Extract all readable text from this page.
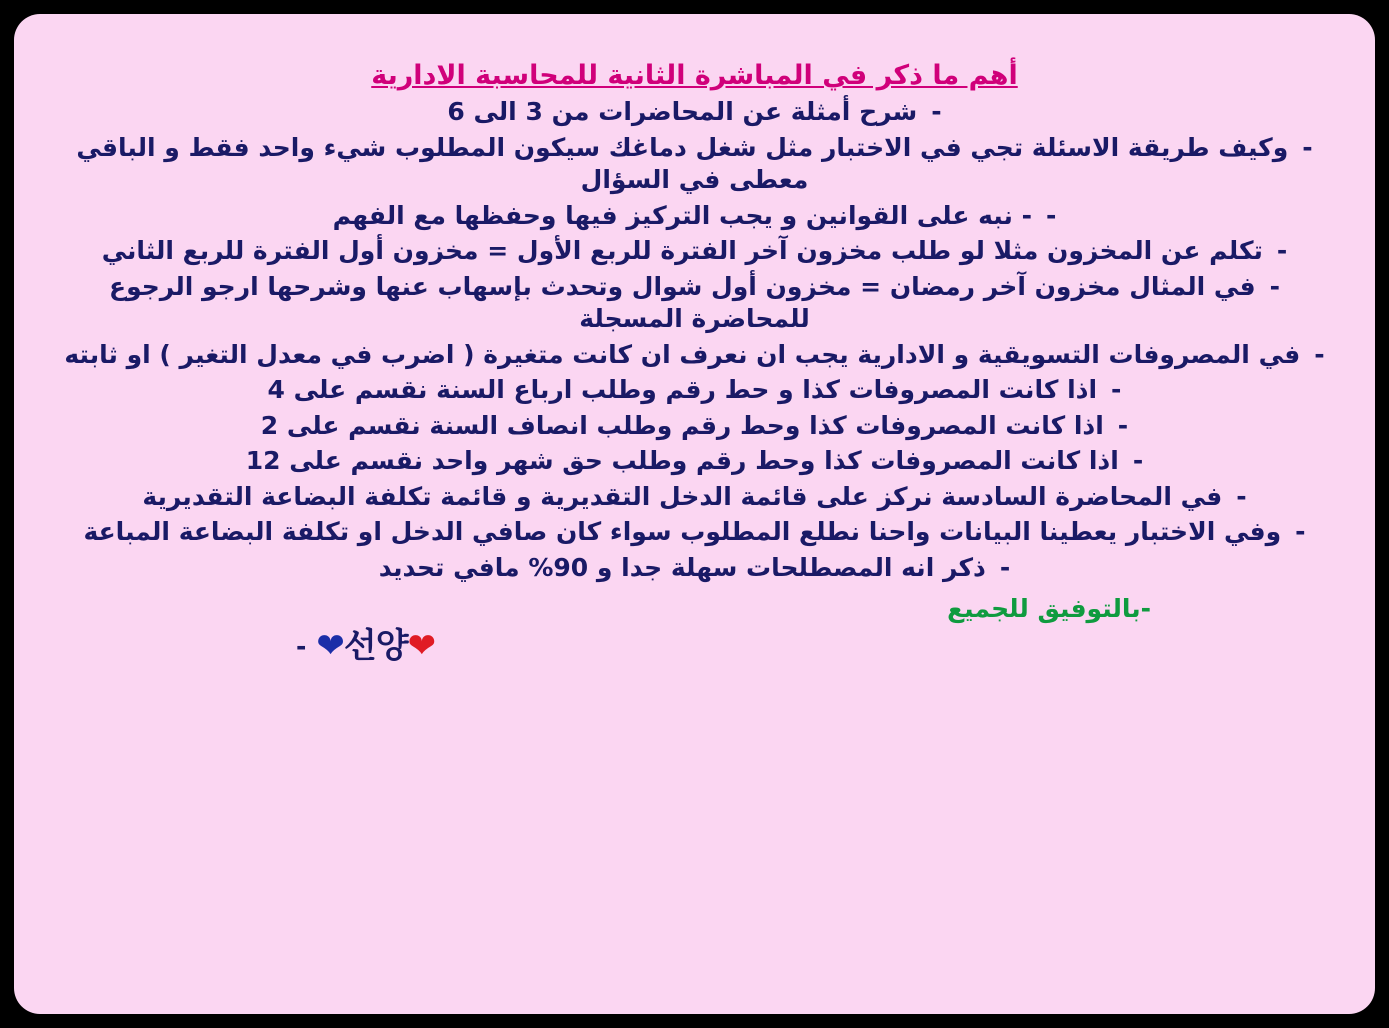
أهم ما ذكر في المباشرة الثانية للمحاسبة الادارية
-شرح أمثلة عن المحاضرات من 3 الى 6
-وكيف طريقة الاسئلة تجي في الاختبار مثل شغل دماغك سيكون المطلوب شيء واحد فقط و الباقي معطى في السؤال
-- نبه على القوانين و يجب التركيز فيها وحفظها مع الفهم
-تكلم عن المخزون مثلا لو طلب مخزون آخر الفترة للربع الأول = مخزون أول الفترة للربع الثاني
-في المثال مخزون آخر رمضان = مخزون أول شوال وتحدث بإسهاب عنها وشرحها ارجو الرجوع للمحاضرة المسجلة
-في المصروفات التسويقية و الادارية يجب ان نعرف ان كانت متغيرة ( اضرب في معدل التغير ) او ثابته
-اذا كانت المصروفات كذا و حط رقم وطلب ارباع السنة نقسم على 4
-اذا كانت المصروفات كذا وحط رقم وطلب انصاف السنة نقسم على 2
-اذا كانت المصروفات كذا وحط رقم وطلب حق شهر واحد نقسم على 12
-في المحاضرة السادسة نركز على قائمة الدخل التقديرية و قائمة تكلفة البضاعة التقديرية
-وفي الاختبار يعطينا البيانات واحنا نطلع المطلوب سواء كان صافي الدخل او تكلفة البضاعة المباعة
-ذكر انه المصطلحات سهلة جدا و 90% مافي تحديد
-بالتوفيق للجميع
- ❤선양❤
